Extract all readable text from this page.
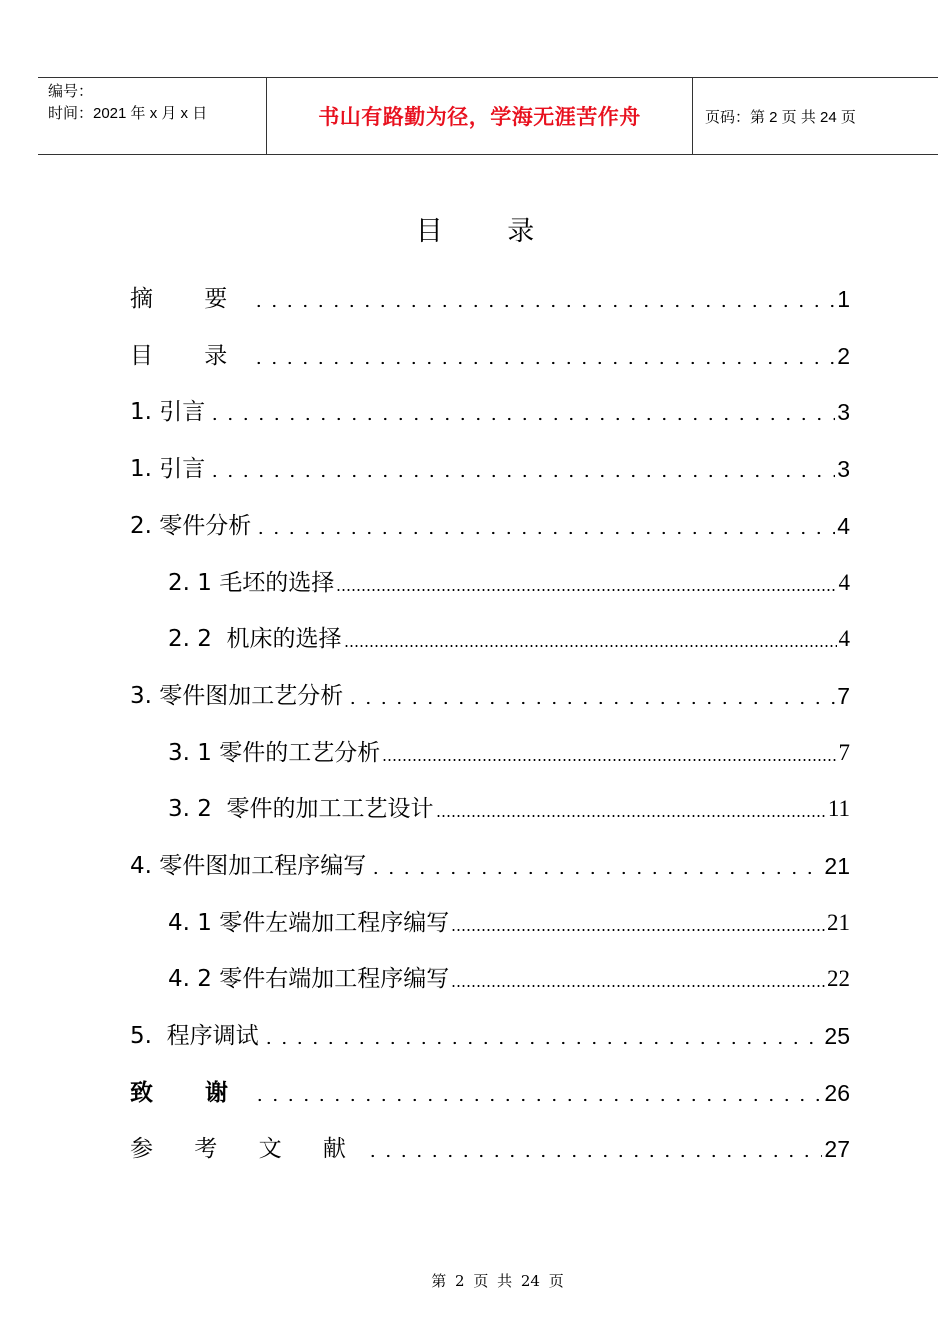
编号：
时间：2021 年 x 月 x 日	书山有路勤为径，学海无涯苦作舟	页码：第 2 页 共 24 页
目 录
摘 要	1
目 录	2
1. 引言	3
1. 引言	3
2. 零件分析	4
2. 1 毛坯的选择	4
2. 2  机床的选择	4
3. 零件图加工艺分析	7
3. 1 零件的工艺分析	7
3. 2  零件的加工工艺设计	11
4. 零件图加工程序编写	21
4. 1 零件左端加工程序编写	21
4. 2 零件右端加工程序编写	22
5.  程序调试	25
致 谢	26
参 考 文 献	27
第 2 页 共 24 页
